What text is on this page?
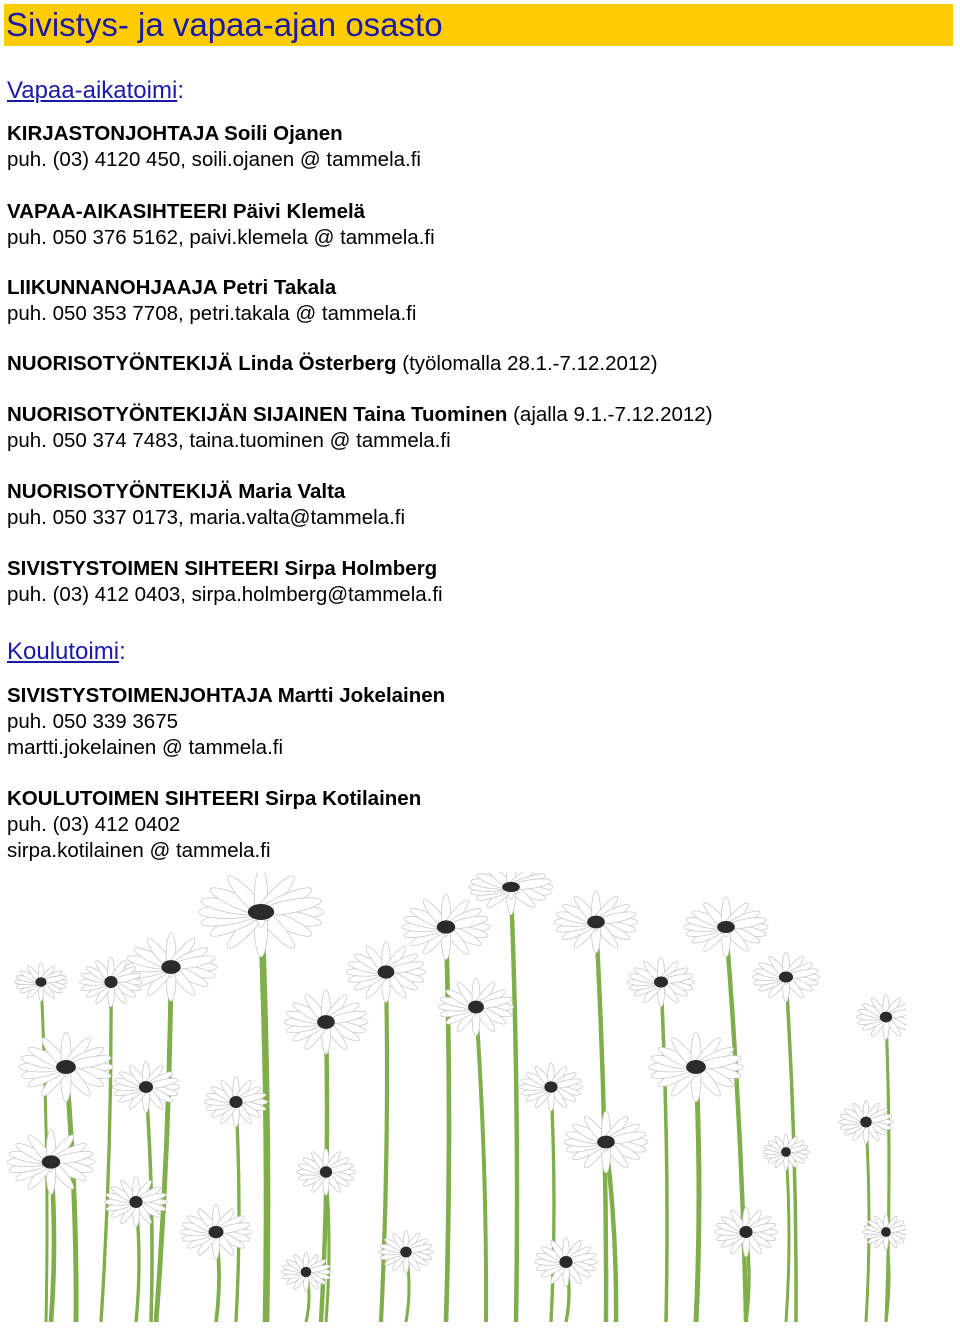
Sivistys- ja vapaa-ajan osasto
Vapaa-aikatoimi:
KIRJASTONJOHTAJA Soili Ojanen
puh. (03) 4120 450, soili.ojanen @ tammela.fi
VAPAA-AIKASIHTEERI Päivi Klemelä
puh. 050 376 5162, paivi.klemela @ tammela.fi
LIIKUNNANOHJAAJA Petri Takala
puh. 050 353 7708, petri.takala @ tammela.fi
NUORISOTYÖNTEKIJÄ Linda Österberg (työlomalla 28.1.-7.12.2012)
NUORISOTYÖNTEKIJÄN SIJAINEN Taina Tuominen (ajalla 9.1.-7.12.2012)
puh. 050 374 7483, taina.tuominen @ tammela.fi
NUORISOTYÖNTEKIJÄ Maria Valta
puh. 050 337 0173, maria.valta@tammela.fi
SIVISTYSTOIMEN SIHTEERI Sirpa Holmberg
puh. (03) 412 0403, sirpa.holmberg@tammela.fi
Koulutoimi:
SIVISTYSTOIMENJOHTAJA Martti Jokelainen
puh. 050 339 3675
martti.jokelainen @ tammela.fi
KOULUTOIMEN SIHTEERI Sirpa Kotilainen
puh. (03) 412 0402
sirpa.kotilainen @ tammela.fi
